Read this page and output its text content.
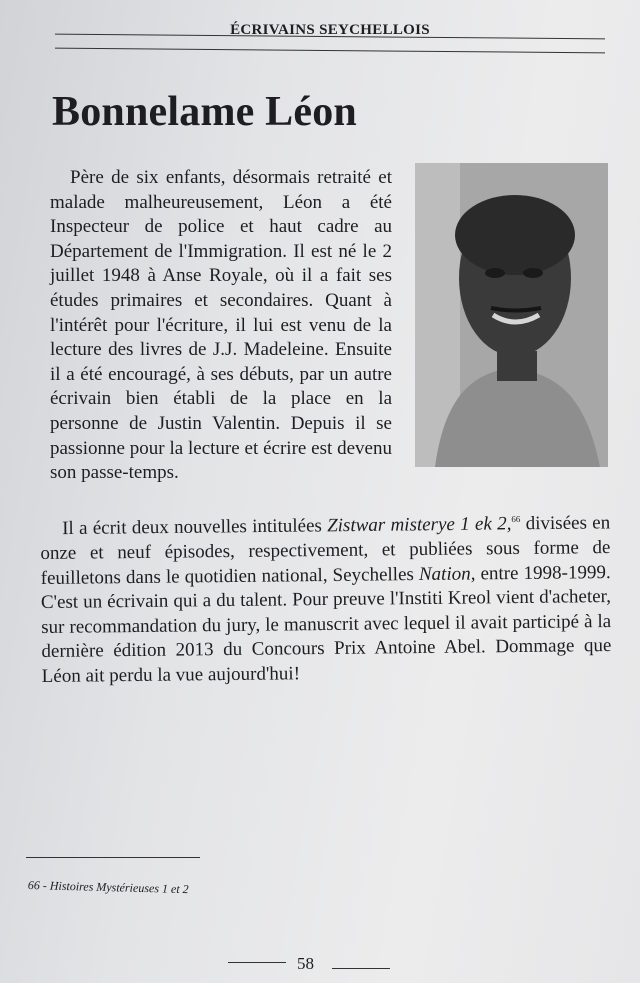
ÉCRIVAINS SEYCHELLOIS
Bonnelame Léon

Père de six enfants, désormais retraité et malade malheureusement, Léon a été Inspecteur de police et haut cadre au Département de l'Immigration. Il est né le 2 juillet 1948 à Anse Royale, où il a fait ses études primaires et secondaires. Quant à l'intérêt pour l'écriture, il lui est venu de la lecture des livres de J.J. Madeleine. Ensuite il a été encouragé, à ses débuts, par un autre écrivain bien établi de la place en la personne de Justin Valentin. Depuis il se passionne pour la lecture et écrire est devenu son passe-temps.

Il a écrit deux nouvelles intitulées Zistwar misterye 1 ek 2,66 divisées en onze et neuf épisodes, respectivement, et publiées sous forme de feuilletons dans le quotidien national, Seychelles Nation, entre 1998-1999. C'est un écrivain qui a du talent. Pour preuve l'Institi Kreol vient d'acheter, sur recommandation du jury, le manuscrit avec lequel il avait participé à la dernière édition 2013 du Concours Prix Antoine Abel. Dommage que Léon ait perdu la vue aujourd'hui!

66 - Histoires Mystérieuses 1 et 2
58
